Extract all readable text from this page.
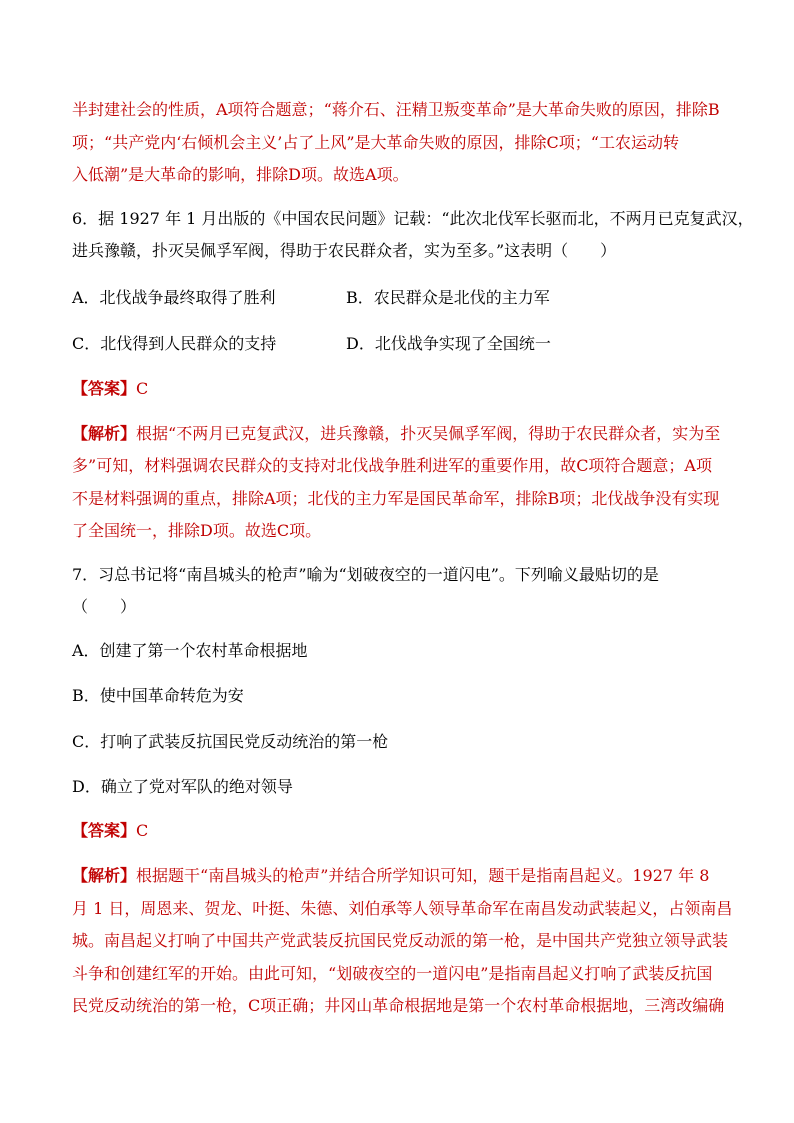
半封建社会的性质，A项符合题意；“蒋介石、汪精卫叛变革命”是大革命失败的原因，排除B
项；“共产党内‘右倾机会主义’占了上风”是大革命失败的原因，排除C项；“工农运动转
入低潮”是大革命的影响，排除D项。故选A项。
6．据 1927 年 1 月出版的《中国农民问题》记载：“此次北伐军长驱而北，不两月已克复武汉，
进兵豫赣，扑灭吴佩孚军阀，得助于农民群众者，实为至多。”这表明（　　）
A．北伐战争最终取得了胜利	B．农民群众是北伐的主力军
C．北伐得到人民群众的支持	D．北伐战争实现了全国统一
【答案】C
【解析】根据“不两月已克复武汉，进兵豫赣，扑灭吴佩孚军阀，得助于农民群众者，实为至
多”可知，材料强调农民群众的支持对北伐战争胜利进军的重要作用，故C项符合题意；A项
不是材料强调的重点，排除A项；北伐的主力军是国民革命军，排除B项；北伐战争没有实现
了全国统一，排除D项。故选C项。
7．习总书记将“南昌城头的枪声”喻为“划破夜空的一道闪电”。下列喻义最贴切的是
（　　）
A．创建了第一个农村革命根据地
B．使中国革命转危为安
C．打响了武装反抗国民党反动统治的第一枪
D．确立了党对军队的绝对领导
【答案】C
【解析】根据题干“南昌城头的枪声”并结合所学知识可知，题干是指南昌起义。1927 年 8
月 1 日，周恩来、贺龙、叶挺、朱德、刘伯承等人领导革命军在南昌发动武装起义，占领南昌
城。南昌起义打响了中国共产党武装反抗国民党反动派的第一枪，是中国共产党独立领导武装
斗争和创建红军的开始。由此可知，“划破夜空的一道闪电”是指南昌起义打响了武装反抗国
民党反动统治的第一枪，C项正确；井冈山革命根据地是第一个农村革命根据地，三湾改编确
